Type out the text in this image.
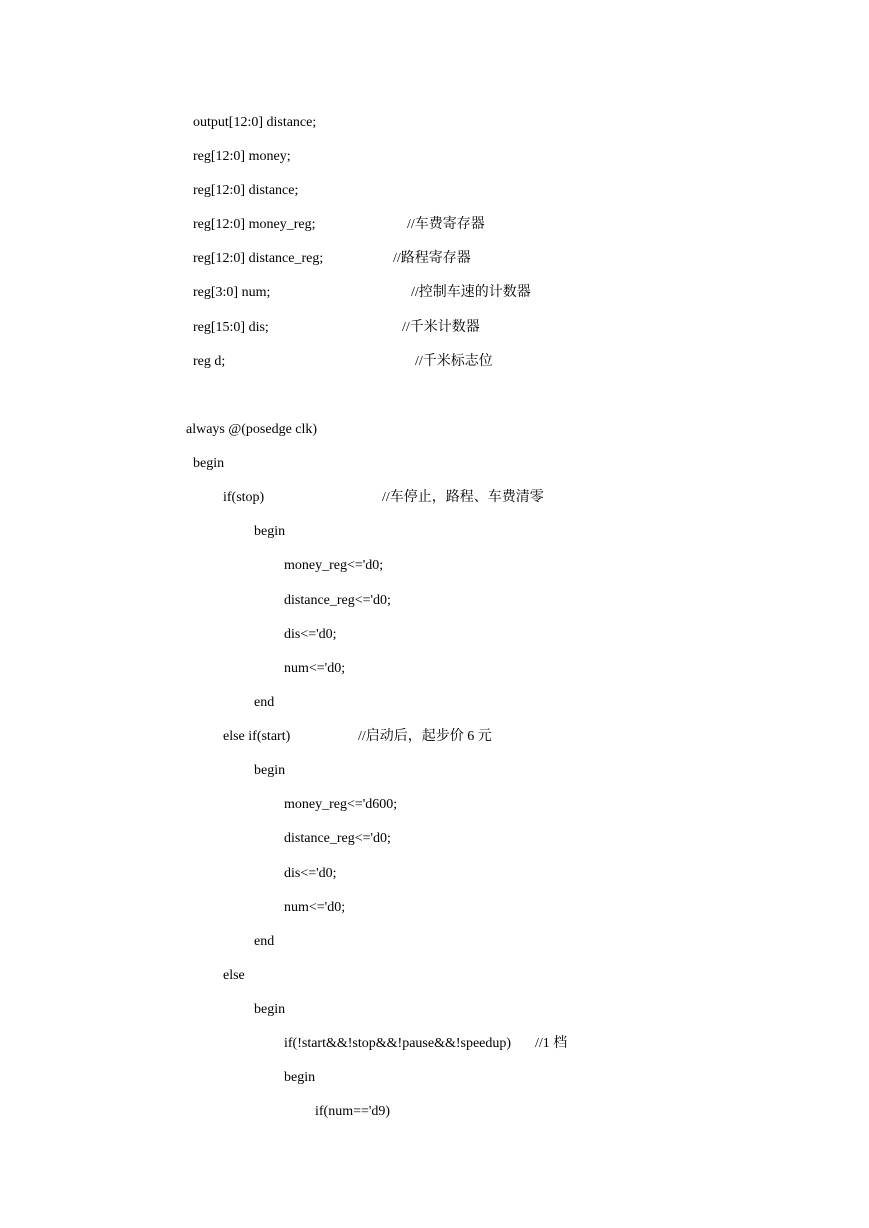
output[12:0] distance;

reg[12:0] money;

reg[12:0] distance;

reg[12:0] money_reg;

	//车费寄存器

reg[12:0] distance_reg;

	//路程寄存器

reg[3:0] num;

	//控制车速的计数器

reg[15:0] dis;

	//千米计数器

reg d;

	//千米标志位

always @(posedge clk)

begin

if(stop)

	//车停止，路程、车费清零

begin

money_reg<='d0;

distance_reg<='d0;

dis<='d0;

num<='d0;

end

else if(start)

	//启动后，起步价 6 元

begin

money_reg<='d600;

distance_reg<='d0;

dis<='d0;

num<='d0;

end

else

begin

if(!start&&!stop&&!pause&&!speedup)

//1 档

begin

if(num=='d9)
